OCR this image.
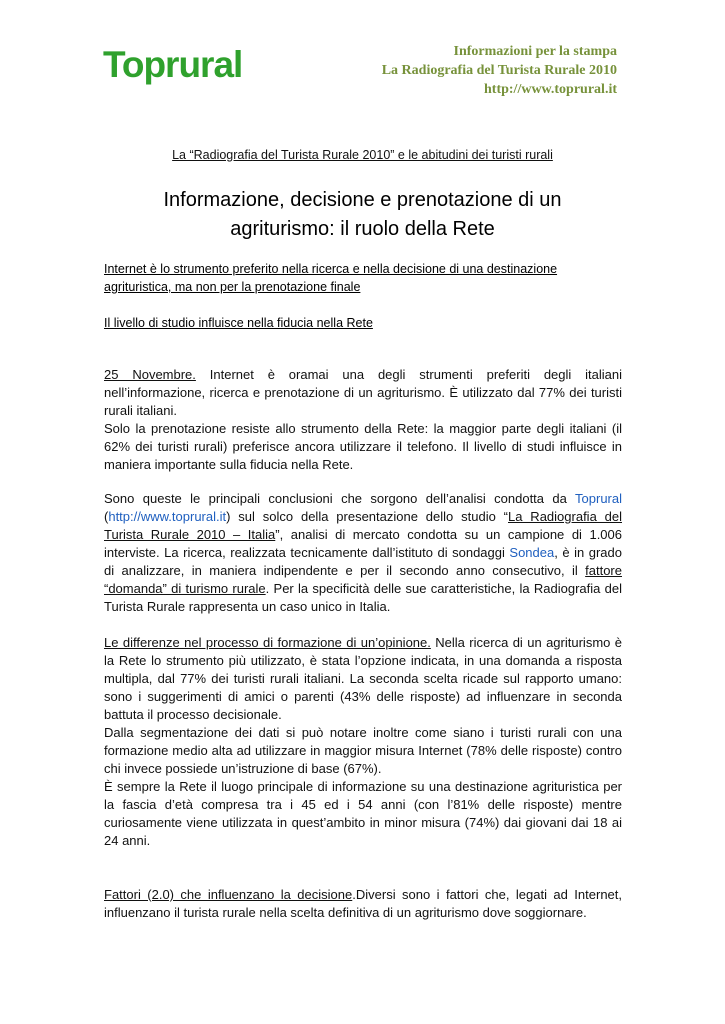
Toprural	Informazioni per la stampa
La Radiografia del Turista Rurale 2010
http://www.toprural.it
La “Radiografia del Turista Rurale 2010” e le abitudini dei turisti rurali
Informazione, decisione e prenotazione di un
agriturismo: il ruolo della Rete
Internet è lo strumento preferito nella ricerca e nella decisione di una destinazione agrituristica, ma non per la prenotazione finale
Il livello di studio influisce nella fiducia nella Rete

25 Novembre. Internet è oramai una degli strumenti preferiti degli italiani nell’informazione, ricerca e prenotazione di un agriturismo. È utilizzato dal 77% dei turisti rurali italiani.

Solo la prenotazione resiste allo strumento della Rete: la maggior parte degli italiani (il 62% dei turisti rurali) preferisce ancora utilizzare il telefono. Il livello di studi influisce in maniera importante sulla fiducia nella Rete.

Sono queste le principali conclusioni che sorgono dell’analisi condotta da Toprural (http://www.toprural.it) sul solco della presentazione dello studio “La Radiografia del Turista Rurale 2010 – Italia”, analisi di mercato condotta su un campione di 1.006 interviste. La ricerca, realizzata tecnicamente dall’istituto di sondaggi Sondea, è in grado di analizzare, in maniera indipendente e per il secondo anno consecutivo, il fattore “domanda” di turismo rurale. Per la specificità delle sue caratteristiche, la Radiografia del Turista Rurale rappresenta un caso unico in Italia.

Le differenze nel processo di formazione di un’opinione. Nella ricerca di un agriturismo è la Rete lo strumento più utilizzato, è stata l’opzione indicata, in una domanda a risposta multipla, dal 77% dei turisti rurali italiani. La seconda scelta ricade sul rapporto umano: sono i suggerimenti di amici o parenti (43% delle risposte) ad influenzare in seconda battuta il processo decisionale.

Dalla segmentazione dei dati si può notare inoltre come siano i turisti rurali con una formazione medio alta ad utilizzare in maggior misura Internet (78% delle risposte) contro chi invece possiede un’istruzione di base (67%).

È sempre la Rete il luogo principale di informazione su una destinazione agrituristica per la fascia d’età compresa tra i 45 ed i 54 anni (con l’81% delle risposte) mentre curiosamente viene utilizzata in quest’ambito in minor misura (74%) dai giovani dai 18 ai 24 anni.

Fattori (2.0) che influenzano la decisione.Diversi sono i fattori che, legati ad Internet, influenzano il turista rurale nella scelta definitiva di un agriturismo dove soggiornare.
